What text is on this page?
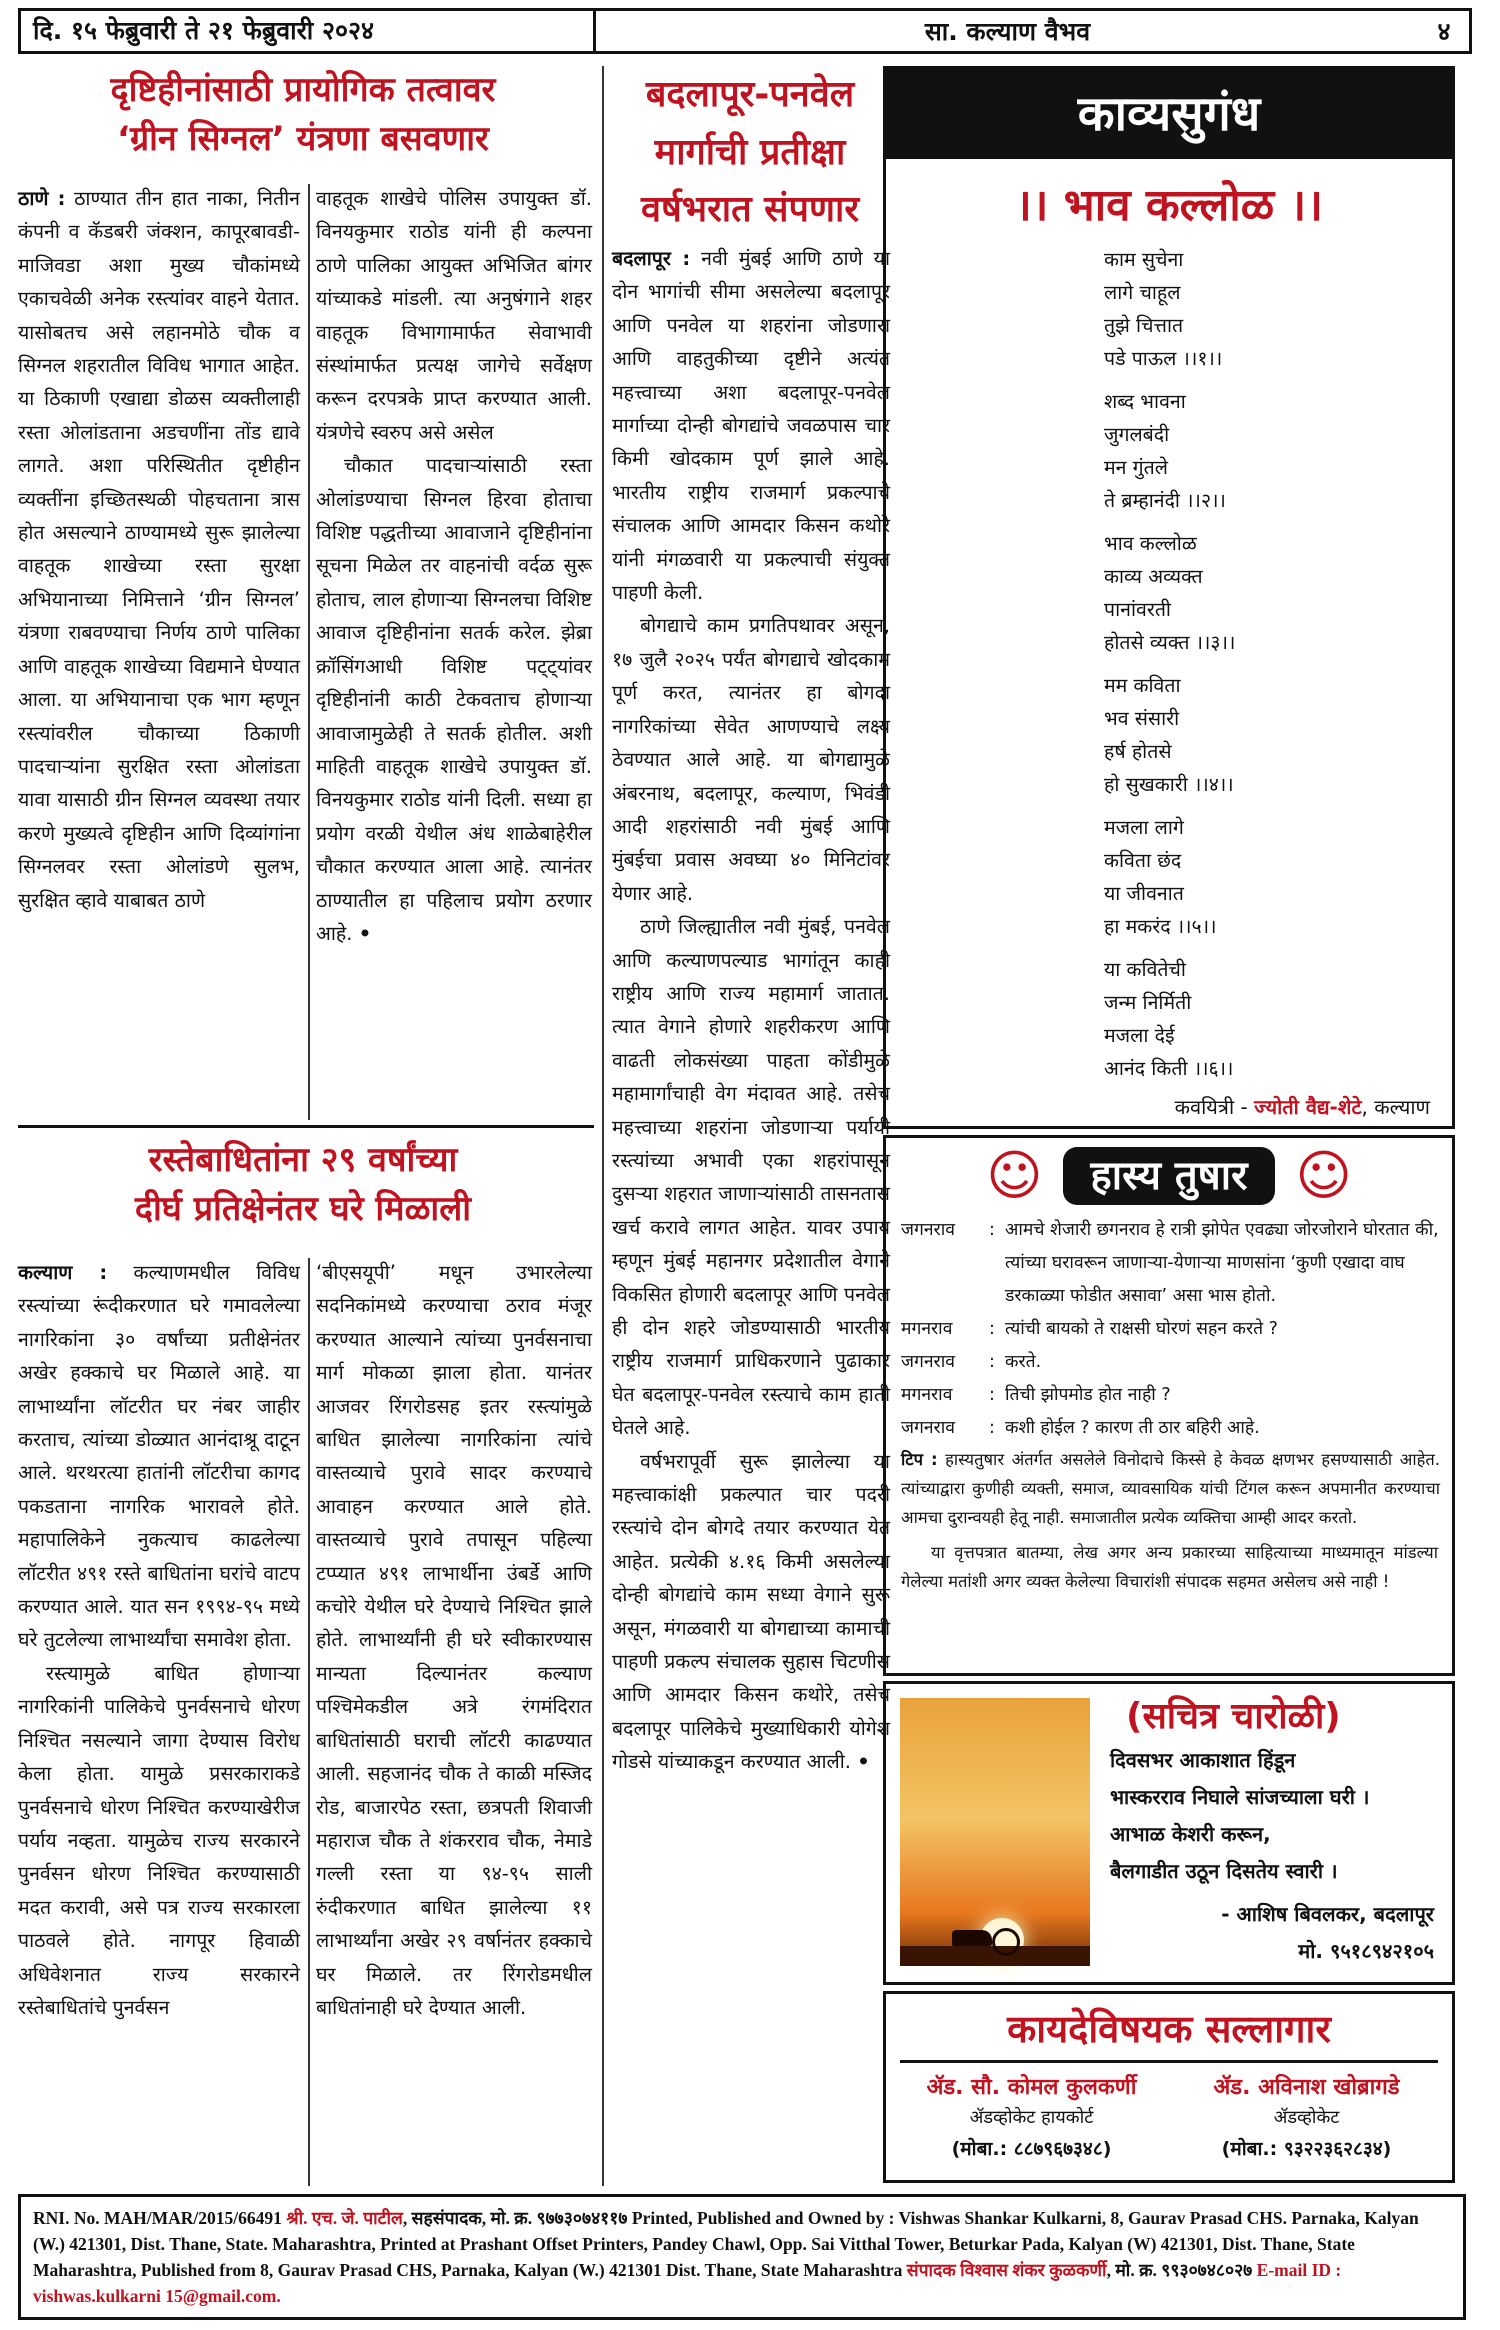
दि. १५ फेब्रुवारी ते २१ फेब्रुवारी २०२४	सा. कल्याण वैभव	४
दृष्टिहीनांसाठी प्रायोगिक तत्वावर
‘ग्रीन सिग्नल’ यंत्रणा बसवणार

ठाणे : ठाण्यात तीन हात नाका, नितीन कंपनी व कॅडबरी जंक्शन, कापूरबावडी-माजिवडा अशा मुख्य चौकांमध्ये एकाचवेळी अनेक रस्त्यांवर वाहने येतात. यासोबतच असे लहानमोठे चौक व सिग्नल शहरातील विविध भागात आहेत. या ठिकाणी एखाद्या डोळस व्यक्तीलाही रस्ता ओलांडताना अडचणींना तोंड द्यावे लागते. अशा परिस्थितीत दृष्टीहीन व्यक्तींना इच्छितस्थळी पोहचताना त्रास होत असल्याने ठाण्यामध्ये सुरू झालेल्या वाहतूक शाखेच्या रस्ता सुरक्षा अभियानाच्या निमित्ताने ‘ग्रीन सिग्नल’ यंत्रणा राबवण्याचा निर्णय ठाणे पालिका आणि वाहतूक शाखेच्या विद्यमाने घेण्यात आला. या अभियानाचा एक भाग म्हणून रस्त्यांवरील चौकाच्या ठिकाणी पादचाऱ्यांना सुरक्षित रस्ता ओलांडता यावा यासाठी ग्रीन सिग्नल व्यवस्था तयार करणे मुख्यत्वे दृष्टिहीन आणि दिव्यांगांना सिग्नलवर रस्ता ओलांडणे सुलभ, सुरक्षित व्हावे याबाबत ठाणे

वाहतूक शाखेचे पोलिस उपायुक्त डॉ. विनयकुमार राठोड यांनी ही कल्पना ठाणे पालिका आयुक्त अभिजित बांगर यांच्याकडे मांडली. त्या अनुषंगाने शहर वाहतूक विभागामार्फत सेवाभावी संस्थांमार्फत प्रत्यक्ष जागेचे सर्वेक्षण करून दरपत्रके प्राप्त करण्यात आली. यंत्रणेचे स्वरुप असे असेल

चौकात पादचाऱ्यांसाठी रस्ता ओलांडण्याचा सिग्नल हिरवा होताचा विशिष्ट पद्धतीच्या आवाजाने दृष्टिहीनांना सूचना मिळेल तर वाहनांची वर्दळ सुरू होताच, लाल होणाऱ्या सिग्नलचा विशिष्ट आवाज दृष्टिहीनांना सतर्क करेल. झेब्रा क्रॉसिंगआधी विशिष्ट पट्ट्यांवर दृष्टिहीनांनी काठी टेकवताच होणाऱ्या आवाजामुळेही ते सतर्क होतील. अशी माहिती वाहतूक शाखेचे उपायुक्त डॉ. विनयकुमार राठोड यांनी दिली. सध्या हा प्रयोग वरळी येथील अंध शाळेबाहेरील चौकात करण्यात आला आहे. त्यानंतर ठाण्यातील हा पहिलाच प्रयोग ठरणार आहे. •

रस्तेबाधितांना २९ वर्षांच्या
दीर्घ प्रतिक्षेनंतर घरे मिळाली

कल्याण : कल्याणमधील विविध रस्त्यांच्या रूंदीकरणात घरे गमावलेल्या नागरिकांना ३० वर्षांच्या प्रतीक्षेनंतर अखेर हक्काचे घर मिळाले आहे. या लाभार्थ्यांना लॉटरीत घर नंबर जाहीर करताच, त्यांच्या डोळ्यात आनंदाश्रू दाटून आले. थरथरत्या हातांनी लॉटरीचा कागद पकडताना नागरिक भारावले होते. महापालिकेने नुकत्याच काढलेल्या लॉटरीत ४९१ रस्ते बाधितांना घरांचे वाटप करण्यात आले. यात सन १९९४-९५ मध्ये घरे तुटलेल्या लाभार्थ्यांचा समावेश होता.

रस्त्यामुळे बाधित होणाऱ्या नागरिकांनी पालिकेचे पुनर्वसनाचे धोरण निश्चित नसल्याने जागा देण्यास विरोध केला होता. यामुळे प्रसरकाराकडे पुनर्वसनाचे धोरण निश्चित करण्याखेरीज पर्याय नव्हता. यामुळेच राज्य सरकारने पुनर्वसन धोरण निश्चित करण्यासाठी मदत करावी, असे पत्र राज्य सरकारला पाठवले होते. नागपूर हिवाळी अधिवेशनात राज्य सरकारने रस्तेबाधितांचे पुनर्वसन

‘बीएसयूपी’ मधून उभारलेल्या सदनिकांमध्ये करण्याचा ठराव मंजूर करण्यात आल्याने त्यांच्या पुनर्वसनाचा मार्ग मोकळा झाला होता. यानंतर आजवर रिंगरोडसह इतर रस्त्यांमुळे बाधित झालेल्या नागरिकांना त्यांचे वास्तव्याचे पुरावे सादर करण्याचे आवाहन करण्यात आले होते. वास्तव्याचे पुरावे तपासून पहिल्या टप्प्यात ४९१ लाभार्थीना उंबर्डे आणि कचोरे येथील घरे देण्याचे निश्चित झाले होते. लाभार्थ्यांनी ही घरे स्वीकारण्यास मान्यता दिल्यानंतर कल्याण पश्चिमेकडील अत्रे रंगमंदिरात बाधितांसाठी घराची लॉटरी काढण्यात आली. सहजानंद चौक ते काळी मस्जिद रोड, बाजारपेठ रस्ता, छत्रपती शिवाजी महाराज चौक ते शंकरराव चौक, नेमाडे गल्ली रस्ता या ९४-९५ साली रुंदीकरणात बाधित झालेल्या ११ लाभार्थ्यांना अखेर २९ वर्षानंतर हक्काचे घर मिळाले. तर रिंगरोडमधील बाधितांनाही घरे देण्यात आली.

बदलापूर-पनवेल
मार्गाची प्रतीक्षा
वर्षभरात संपणार

बदलापूर : नवी मुंबई आणि ठाणे या दोन भागांची सीमा असलेल्या बदलापूर आणि पनवेल या शहरांना जोडणारा आणि वाहतुकीच्या दृष्टीने अत्यंत महत्त्वाच्या अशा बदलापूर-पनवेल मार्गाच्या दोन्ही बोगद्यांचे जवळपास चार किमी खोदकाम पूर्ण झाले आहे. भारतीय राष्ट्रीय राजमार्ग प्रकल्पाचे संचालक आणि आमदार किसन कथोरे यांनी मंगळवारी या प्रकल्पाची संयुक्त पाहणी केली.

बोगद्याचे काम प्रगतिपथावर असून, १७ जुलै २०२५ पर्यंत बोगद्याचे खोदकाम पूर्ण करत, त्यानंतर हा बोगदा नागरिकांच्या सेवेत आणण्याचे लक्ष्य ठेवण्यात आले आहे. या बोगद्यामुळे अंबरनाथ, बदलापूर, कल्याण, भिवंडी आदी शहरांसाठी नवी मुंबई आणि मुंबईचा प्रवास अवघ्या ४० मिनिटांवर येणार आहे.

ठाणे जिल्ह्यातील नवी मुंबई, पनवेल आणि कल्याणपल्याड भागांतून काही राष्ट्रीय आणि राज्य महामार्ग जातात. त्यात वेगाने होणारे शहरीकरण आणि वाढती लोकसंख्या पाहता कोंडीमुळे महामार्गांचाही वेग मंदावत आहे. तसेच महत्त्वाच्या शहरांना जोडणाऱ्या पर्यायी रस्त्यांच्या अभावी एका शहरांपासून दुसऱ्या शहरात जाणाऱ्यांसाठी तासनतास खर्च करावे लागत आहेत. यावर उपाय म्हणून मुंबई महानगर प्रदेशातील वेगाने विकसित होणारी बदलापूर आणि पनवेल ही दोन शहरे जोडण्यासाठी भारतीय राष्ट्रीय राजमार्ग प्राधिकरणाने पुढाकार घेत बदलापूर-पनवेल रस्त्याचे काम हाती घेतले आहे.

वर्षभरापूर्वी सुरू झालेल्या या महत्त्वाकांक्षी प्रकल्पात चार पदरी रस्त्यांचे दोन बोगदे तयार करण्यात येत आहेत. प्रत्येकी ४.१६ किमी असलेल्या दोन्ही बोगद्यांचे काम सध्या वेगाने सुरू असून, मंगळवारी या बोगद्याच्या कामाची पाहणी प्रकल्प संचालक सुहास चिटणीस आणि आमदार किसन कथोरे, तसेच बदलापूर पालिकेचे मुख्याधिकारी योगेश गोडसे यांच्याकडून करण्यात आली. •

काव्यसुगंध
।। भाव कल्लोळ ।।
काम सुचेना
लागे चाहूल
तुझे चित्तात
पडे पाऊल ।।१।।
शब्द भावना
जुगलबंदी
मन गुंतले
ते ब्रम्हानंदी ।।२।।
भाव कल्लोळ
काव्य अव्यक्त
पानांवरती
होतसे व्यक्त ।।३।।
मम कविता
भव संसारी
हर्ष होतसे
हो सुखकारी ।।४।।
मजला लागे
कविता छंद
या जीवनात
हा मकरंद ।।५।।
या कवितेची
जन्म निर्मिती
मजला देई
आनंद किती ।।६।।
कवयित्री - ज्योती वैद्य-शेटे, कल्याण
☺	हास्य तुषार ☺
जगनराव	: आमचे शेजारी छगनराव हे रात्री झोपेत एवढ्या जोरजोराने घोरतात की, त्यांच्या घरावरून जाणाऱ्या-येणाऱ्या माणसांना ‘कुणी एखादा वाघ डरकाळ्या फोडीत असावा’ असा भास होतो.
मगनराव	: त्यांची बायको ते राक्षसी घोरणं सहन करते ?
जगनराव	: करते.
मगनराव	: तिची झोपमोड होत नाही ?
जगनराव	: कशी होईल ? कारण ती ठार बहिरी आहे.
टिप : हास्यतुषार अंतर्गत असलेले विनोदाचे किस्से हे केवळ क्षणभर हसण्यासाठी आहेत. त्यांच्याद्वारा कुणीही व्यक्ती, समाज, व्यावसायिक यांची टिंगल करून अपमानीत करण्याचा आमचा दुरान्वयही हेतू नाही. समाजातील प्रत्येक व्यक्तिचा आम्ही आदर करतो.
या वृत्तपत्रात बातम्या, लेख अगर अन्य प्रकारच्या साहित्याच्या माध्यमातून मांडल्या गेलेल्या मतांशी अगर व्यक्त केलेल्या विचारांशी संपादक सहमत असेलच असे नाही !
(सचित्र चारोळी)
दिवसभर आकाशात हिंडून
भास्करराव निघाले सांजच्याला घरी ।
आभाळ केशरी करून,
बैलगाडीत उठून दिसतेय स्वारी ।
- आशिष बिवलकर, बदलापूर
मो. ९५१८९४२१०५
कायदेविषयक सल्लागार
ॲड. सौ. कोमल कुलकर्णी
ॲडव्होकेट हायकोर्ट
(मोबा.: ८८७९६७३४८)
ॲड. अविनाश खोब्रागडे
ॲडव्होकेट
(मोबा.: ९३२२३६२८३४)
RNI. No. MAH/MAR/2015/66491 श्री. एच. जे. पाटील, सहसंपादक, मो. क्र. ९७७३०७४११७ Printed, Published and Owned by : Vishwas Shankar Kulkarni, 8, Gaurav Prasad CHS. Parnaka, Kalyan (W.) 421301, Dist. Thane, State. Maharashtra, Printed at Prashant Offset Printers, Pandey Chawl, Opp. Sai Vitthal Tower, Beturkar Pada, Kalyan (W) 421301, Dist. Thane, State Maharashtra, Published from 8, Gaurav Prasad CHS, Parnaka, Kalyan (W.) 421301 Dist. Thane, State Maharashtra संपादक विश्वास शंकर कुळकर्णी, मो. क्र. ९९३०७४८०२७ E-mail ID : vishwas.kulkarni 15@gmail.com.
